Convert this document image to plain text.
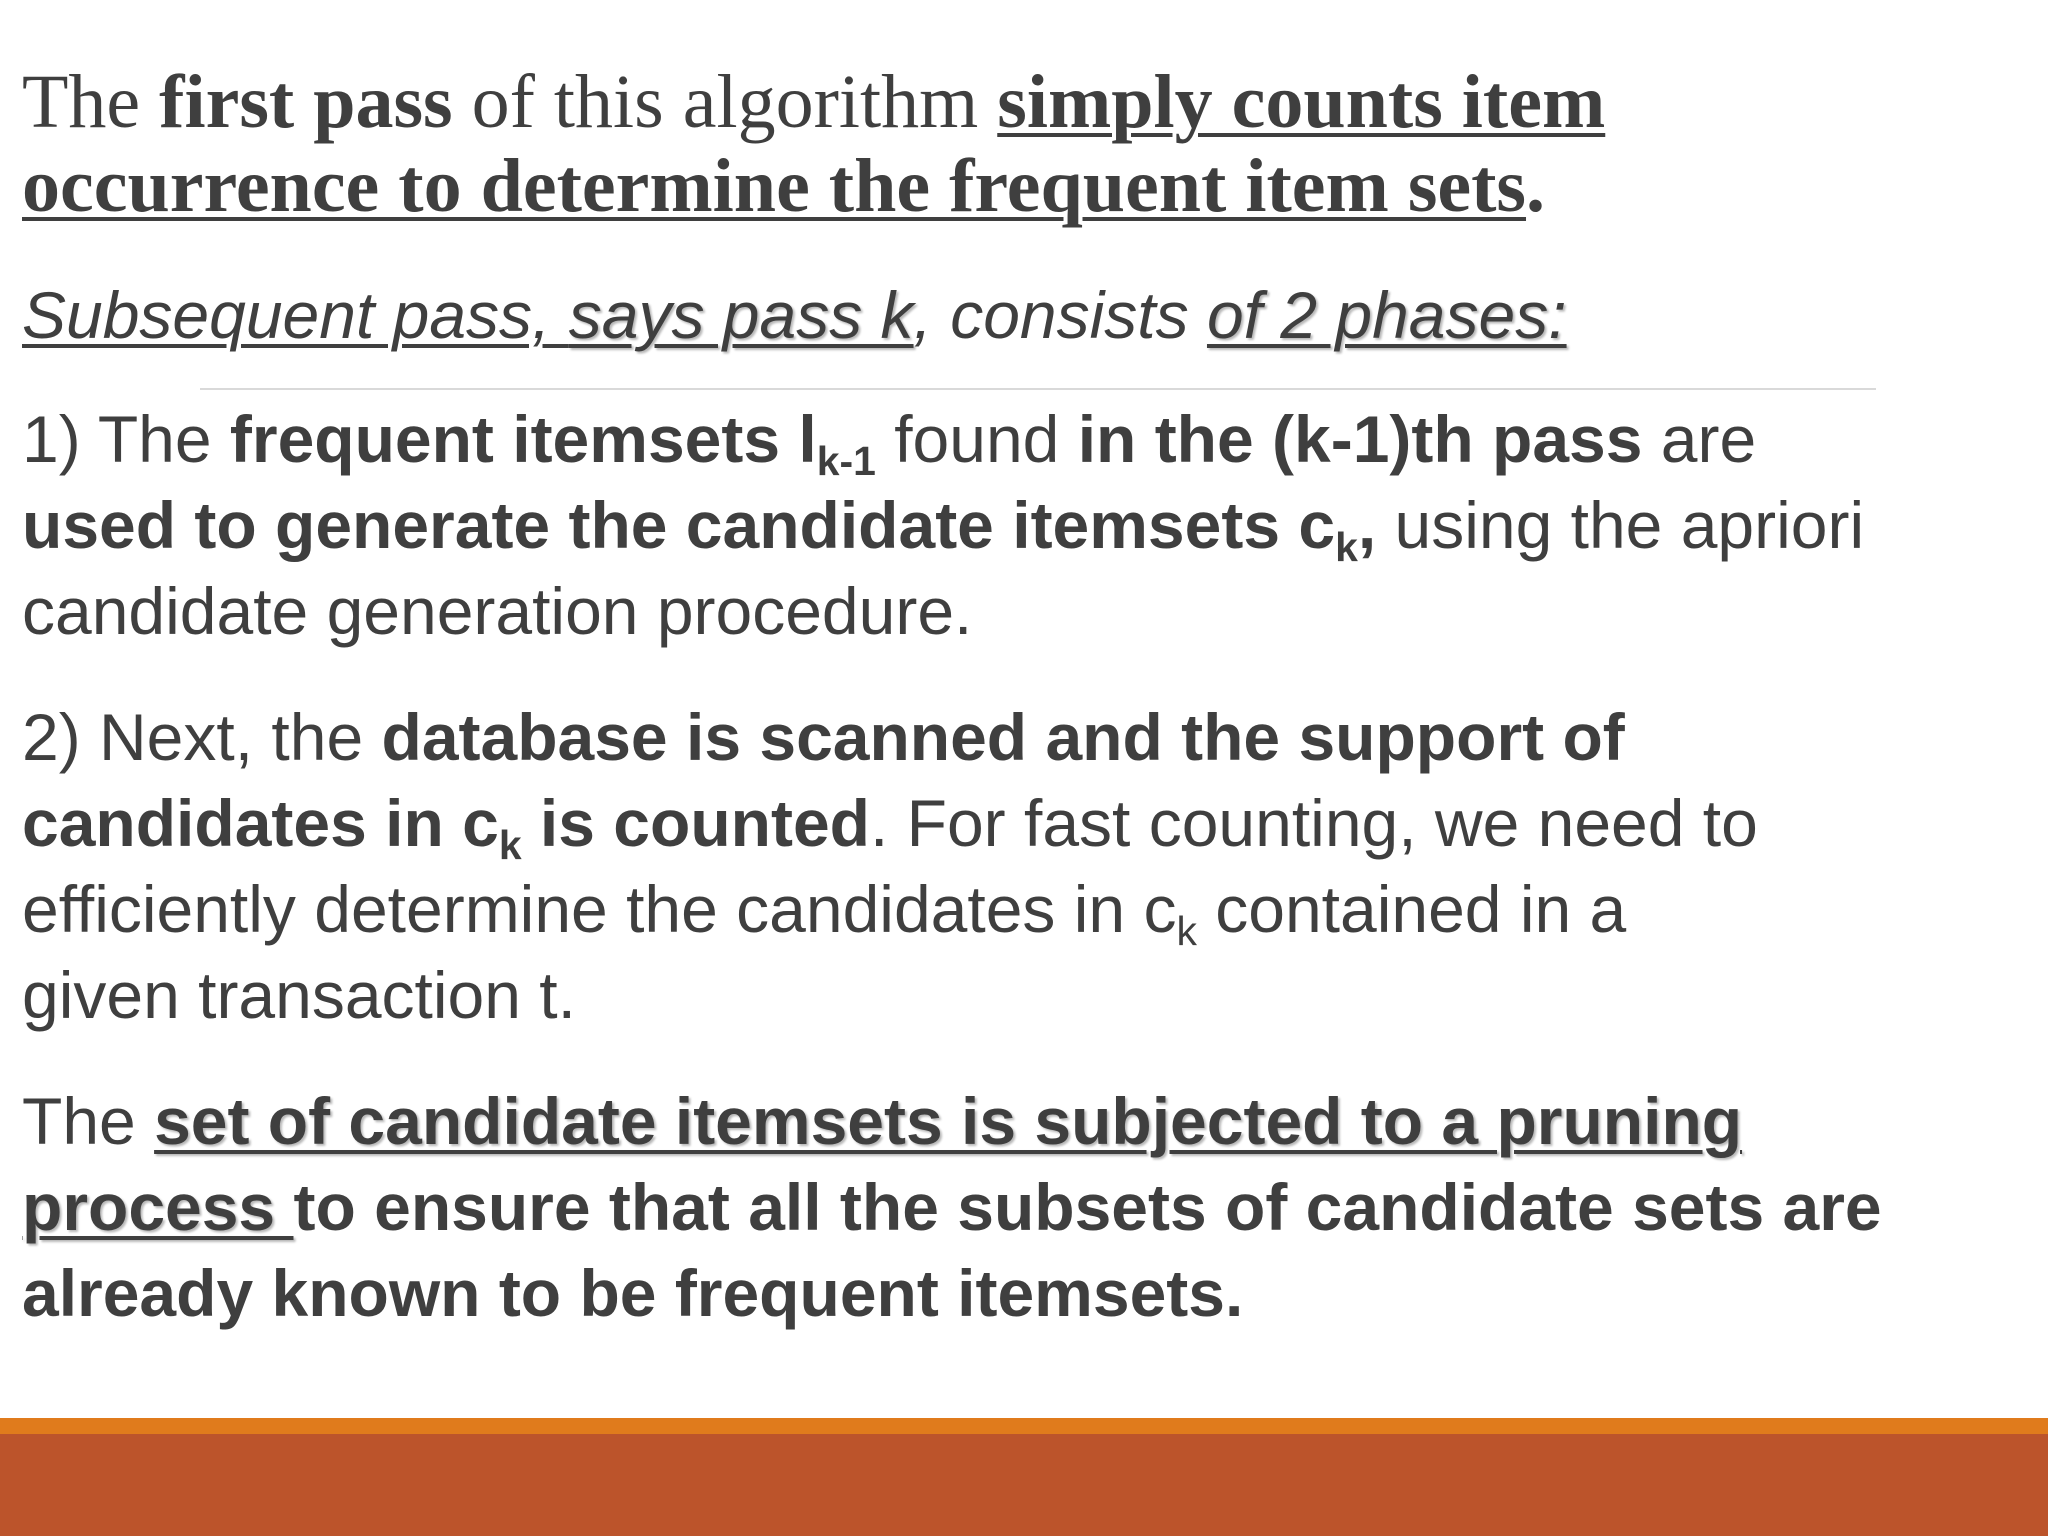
The first pass of this algorithm simply counts item
occurrence to determine the frequent item sets.
Subsequent pass, says pass k, consists of 2 phases:
1) The frequent itemsets $l_{k-1}$ found in the (k-1)th pass are
used to generate the candidate itemsets $c_k$, using the apriori
candidate generation procedure.
2) Next, the database is scanned and the support of
candidates in $c_k$ is counted. For fast counting, we need to
efficiently determine the candidates in $c_k$ contained in a
given transaction t.
The set of candidate itemsets is subjected to a pruning
process to ensure that all the subsets of candidate sets are
already known to be frequent itemsets.
